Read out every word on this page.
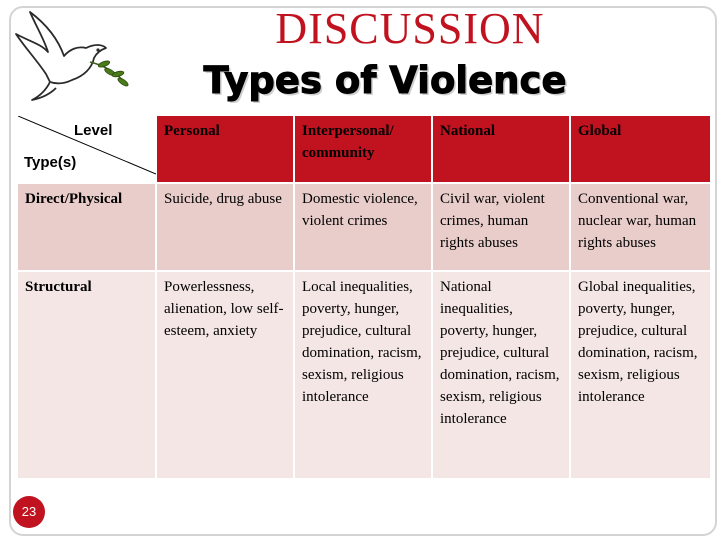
DISCUSSION
Types of Violence
Level
Type(s)	Personal	Interpersonal/ community	National	Global
Direct/Physical	Suicide, drug abuse	Domestic violence, violent crimes	Civil war, violent crimes, human rights abuses	Conventional war, nuclear war, human rights abuses
Structural	Powerlessness, alienation, low self-esteem, anxiety	Local inequalities, poverty, hunger, prejudice, cultural domination, racism, sexism, religious intolerance	National inequalities, poverty, hunger, prejudice, cultural domination, racism, sexism, religious intolerance	Global inequalities, poverty, hunger, prejudice, cultural domination, racism, sexism, religious intolerance
23
